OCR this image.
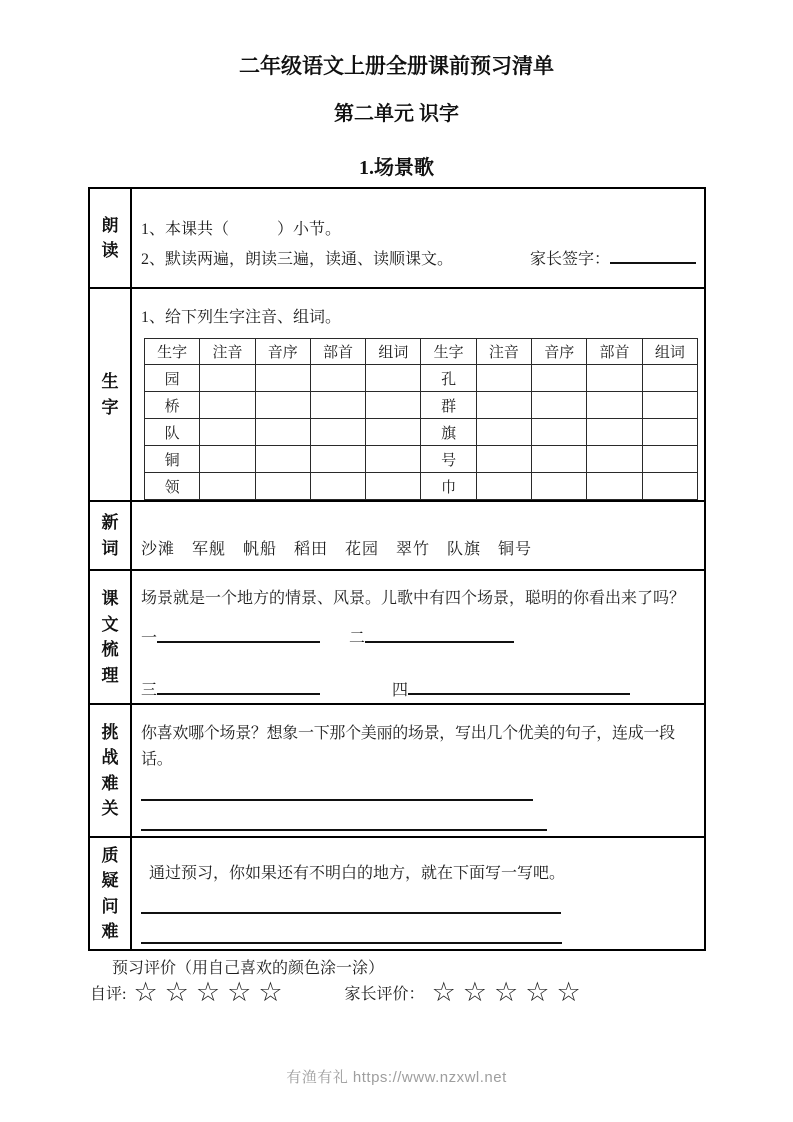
二年级语文上册全册课前预习清单
第二单元 识字
1.场景歌
朗读	
1、本课共（　　　）小节。
2、默读两遍，朗读三遍，读通、读顺课文。	家长签字：

生字	
1、给下列生字注音、组词。
生字	注音	音序	部首	组词	生字	注音	音序	部首	组词
园					孔				
桥					群				
队					旗				
铜					号				
领					巾				

新词	沙滩　军舰　帆船　稻田　花园　翠竹　队旗　铜号

课文梳理	
场景就是一个地方的情景、风景。儿歌中有四个场景，聪明的你看出来了吗？
一	二
三	四

挑战难关	
你喜欢哪个场景？想象一下那个美丽的场景，写出几个优美的句子，连成一段话。

质疑问难	
通过预习，你如果还有不明白的地方，就在下面写一写吧。

预习评价（用自己喜欢的颜色涂一涂）
自评: ☆ ☆ ☆ ☆ ☆	家长评价： ☆ ☆ ☆ ☆ ☆
有渔有礼 https://www.nzxwl.net
